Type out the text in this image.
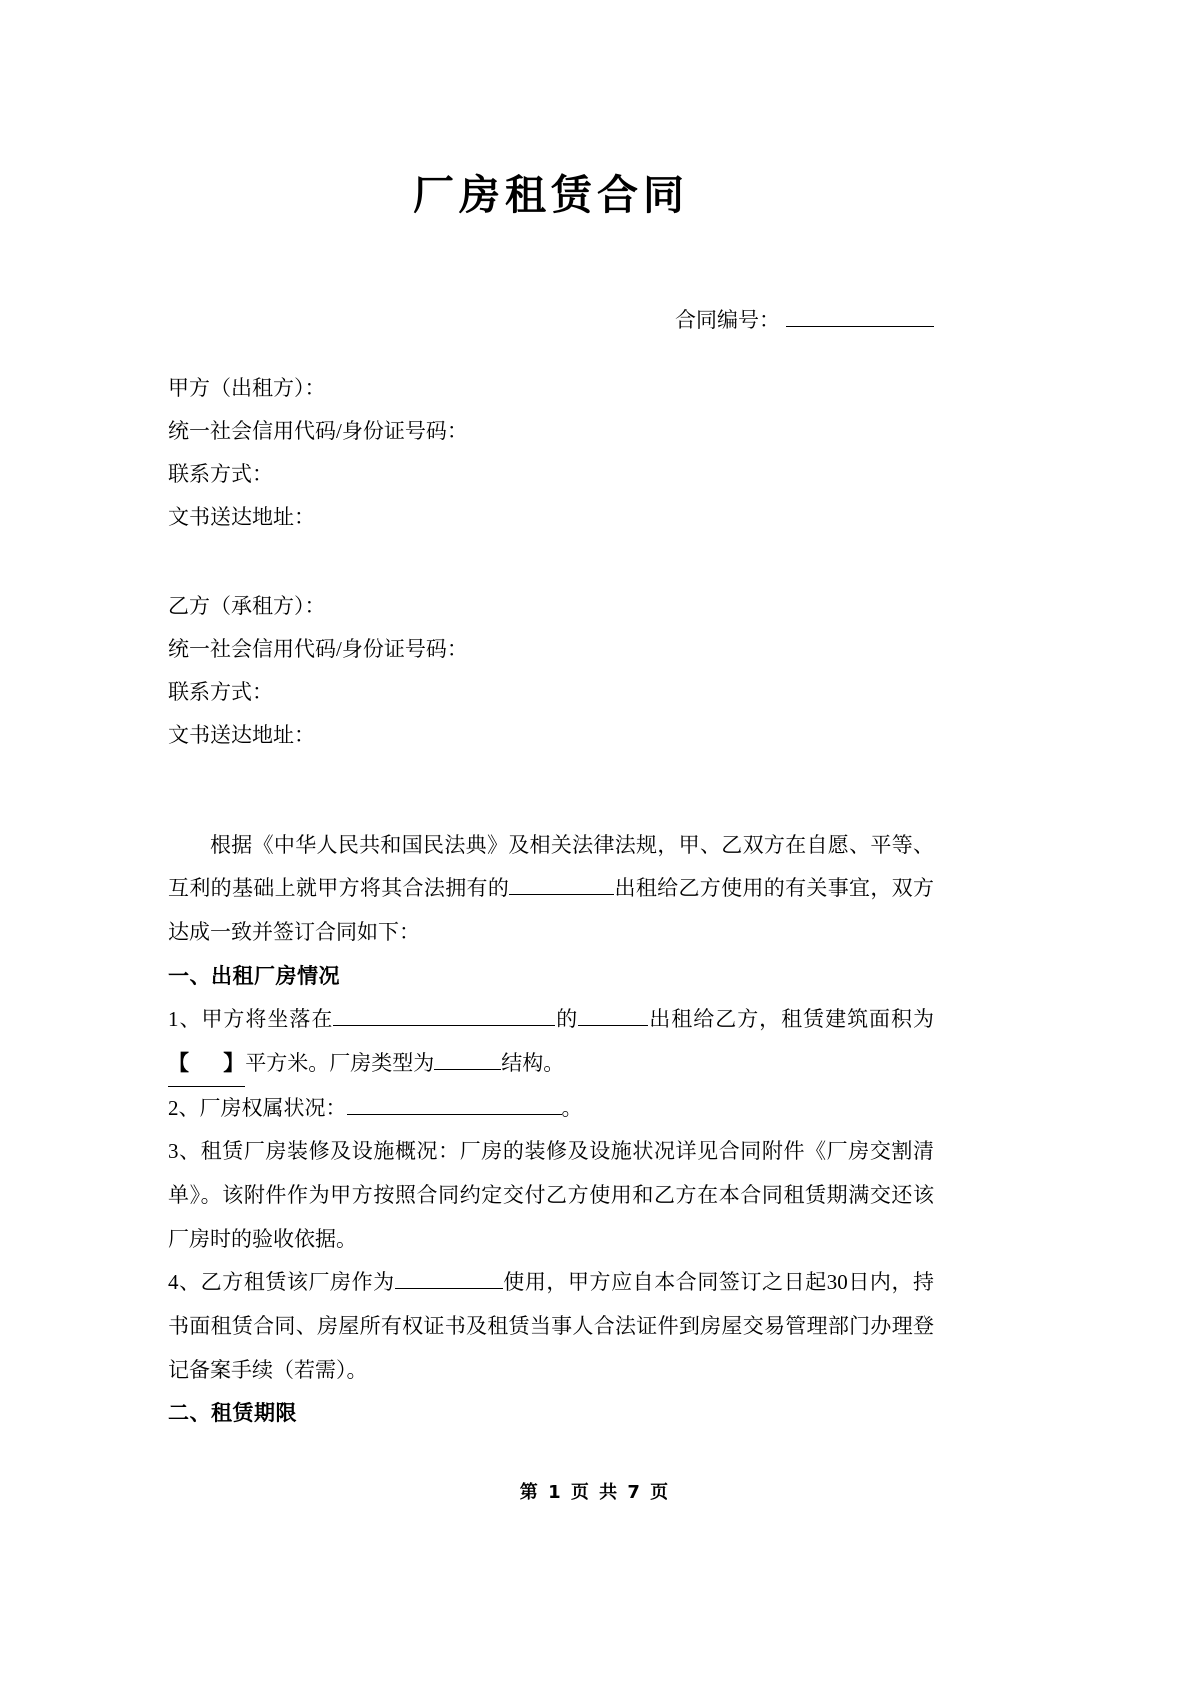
厂房租赁合同
合同编号：
甲方（出租方）：
统一社会信用代码/身份证号码：
联系方式：
文书送达地址：
乙方（承租方）：
统一社会信用代码/身份证号码：
联系方式：
文书送达地址：

根据《中华人民共和国民法典》及相关法律法规，甲、乙双方在自愿、平等、互利的基础上就甲方将其合法拥有的	出租给乙方使用的有关事宜，双方达成一致并签订合同如下：

一、出租厂房情况

1、甲方将坐落在	的	出租给乙方，租赁建筑面积为【    】平方米。厂房类型为	结构。

2、厂房权属状况：	。

3、租赁厂房装修及设施概况：厂房的装修及设施状况详见合同附件《厂房交割清单》。该附件作为甲方按照合同约定交付乙方使用和乙方在本合同租赁期满交还该厂房时的验收依据。

4、乙方租赁该厂房作为	使用，甲方应自本合同签订之日起30日内，持书面租赁合同、房屋所有权证书及租赁当事人合法证件到房屋交易管理部门办理登记备案手续（若需）。

二、租赁期限

第 1 页 共 7 页
